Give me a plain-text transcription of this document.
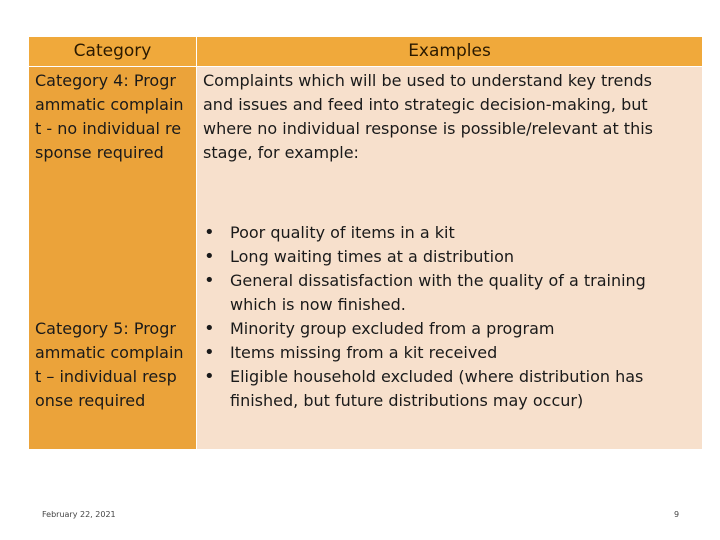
Category	Examples
Category 4: Programmatic complaint - no individual response required
Category 5: Programmatic complaint – individual response required
Complaints which will be used to understand key trends and issues and feed into strategic decision-making, but where no individual response is possible/relevant at this stage, for example:
• Poor quality of items in a kit
• Long waiting times at a distribution
• General dissatisfaction with the quality of a training which is now finished.
• Minority group excluded from a program
• Items missing from a kit received
• Eligible household excluded (where distribution has finished, but future distributions may occur)
February 22, 2021	9
